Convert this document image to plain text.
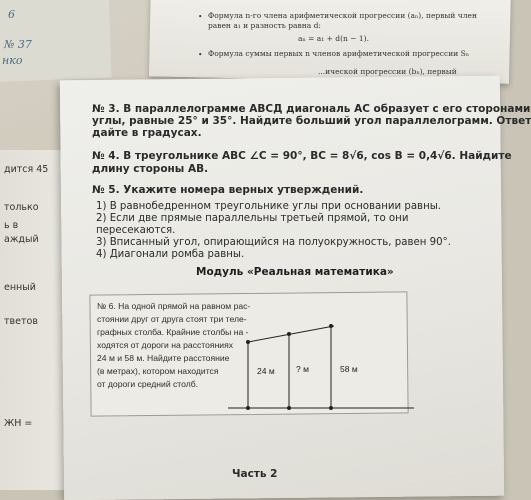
6
№ 37
нко
• Формула n-го члена арифметической прогрессии (aₙ), первый член
равен a₁ и разность равна d:
aₙ = a₁ + d(n − 1).
• Формула суммы первых n членов арифметической прогрессии Sₙ
...ической прогрессии (bₙ), первый
дится 45
только
ь в
аждый
енный
тветов
ЖН =
№ 3. В параллелограмме АВСД диагональ АС образует с его сторонами
углы, равные 25° и 35°. Найдите больший угол параллелограмм. Ответ
дайте в градусах.
№ 4. В треугольнике АВС ∠С = 90°, ВС = 8√6, cos B = 0,4√6. Найдите
длину стороны АВ.
№ 5. Укажите номера верных утверждений.
1) В равнобедренном треугольнике углы при основании равны.
2) Если две прямые параллельны третьей прямой, то они
пересекаются.
3) Вписанный угол, опирающийся на полуокружность, равен 90°.
4) Диагонали ромба равны.
Модуль «Реальная математика»
№ 6. На одной прямой на равном рас-
стоянии друг от друга стоят три теле-
графных столба. Крайние столбы на -
ходятся от дороги на расстояниях
24 м и 58 м. Найдите расстояние
(в метрах), котором находится
от дороги средний столб.
24 м	? м	58 м
Часть 2
